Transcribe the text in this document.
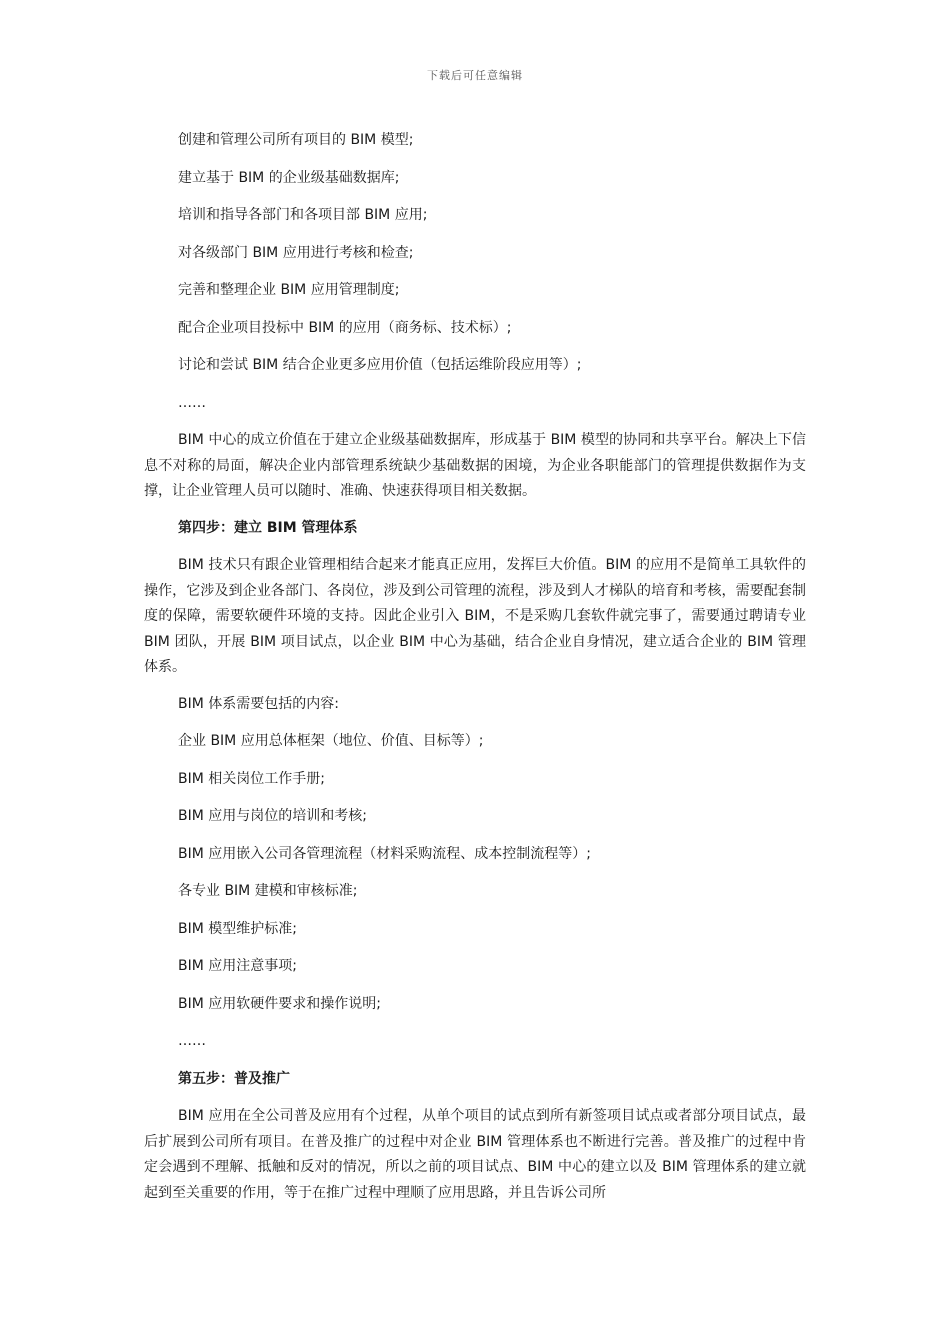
下载后可任意编辑
创建和管理公司所有项目的 BIM 模型;
建立基于 BIM 的企业级基础数据库;
培训和指导各部门和各项目部 BIM 应用;
对各级部门 BIM 应用进行考核和检查;
完善和整理企业 BIM 应用管理制度;
配合企业项目投标中 BIM 的应用（商务标、技术标）;
讨论和尝试 BIM 结合企业更多应用价值（包括运维阶段应用等）;
……

BIM 中心的成立价值在于建立企业级基础数据库，形成基于 BIM 模型的协同和共享平台。解决上下信息不对称的局面，解决企业内部管理系统缺少基础数据的困境，为企业各职能部门的管理提供数据作为支撑，让企业管理人员可以随时、准确、快速获得项目相关数据。

第四步：建立 BIM 管理体系

BIM 技术只有跟企业管理相结合起来才能真正应用，发挥巨大价值。BIM 的应用不是简单工具软件的操作，它涉及到企业各部门、各岗位，涉及到公司管理的流程，涉及到人才梯队的培育和考核，需要配套制度的保障，需要软硬件环境的支持。因此企业引入 BIM，不是采购几套软件就完事了，需要通过聘请专业 BIM 团队，开展 BIM 项目试点，以企业 BIM 中心为基础，结合企业自身情况，建立适合企业的 BIM 管理体系。

BIM 体系需要包括的内容:
企业 BIM 应用总体框架（地位、价值、目标等）;
BIM 相关岗位工作手册;
BIM 应用与岗位的培训和考核;
BIM 应用嵌入公司各管理流程（材料采购流程、成本控制流程等）;
各专业 BIM 建模和审核标准;
BIM 模型维护标准;
BIM 应用注意事项;
BIM 应用软硬件要求和操作说明;
……
第五步：普及推广

BIM 应用在全公司普及应用有个过程，从单个项目的试点到所有新签项目试点或者部分项目试点，最后扩展到公司所有项目。在普及推广的过程中对企业 BIM 管理体系也不断进行完善。普及推广的过程中肯定会遇到不理解、抵触和反对的情况，所以之前的项目试点、BIM 中心的建立以及 BIM 管理体系的建立就起到至关重要的作用，等于在推广过程中理顺了应用思路，并且告诉公司所
